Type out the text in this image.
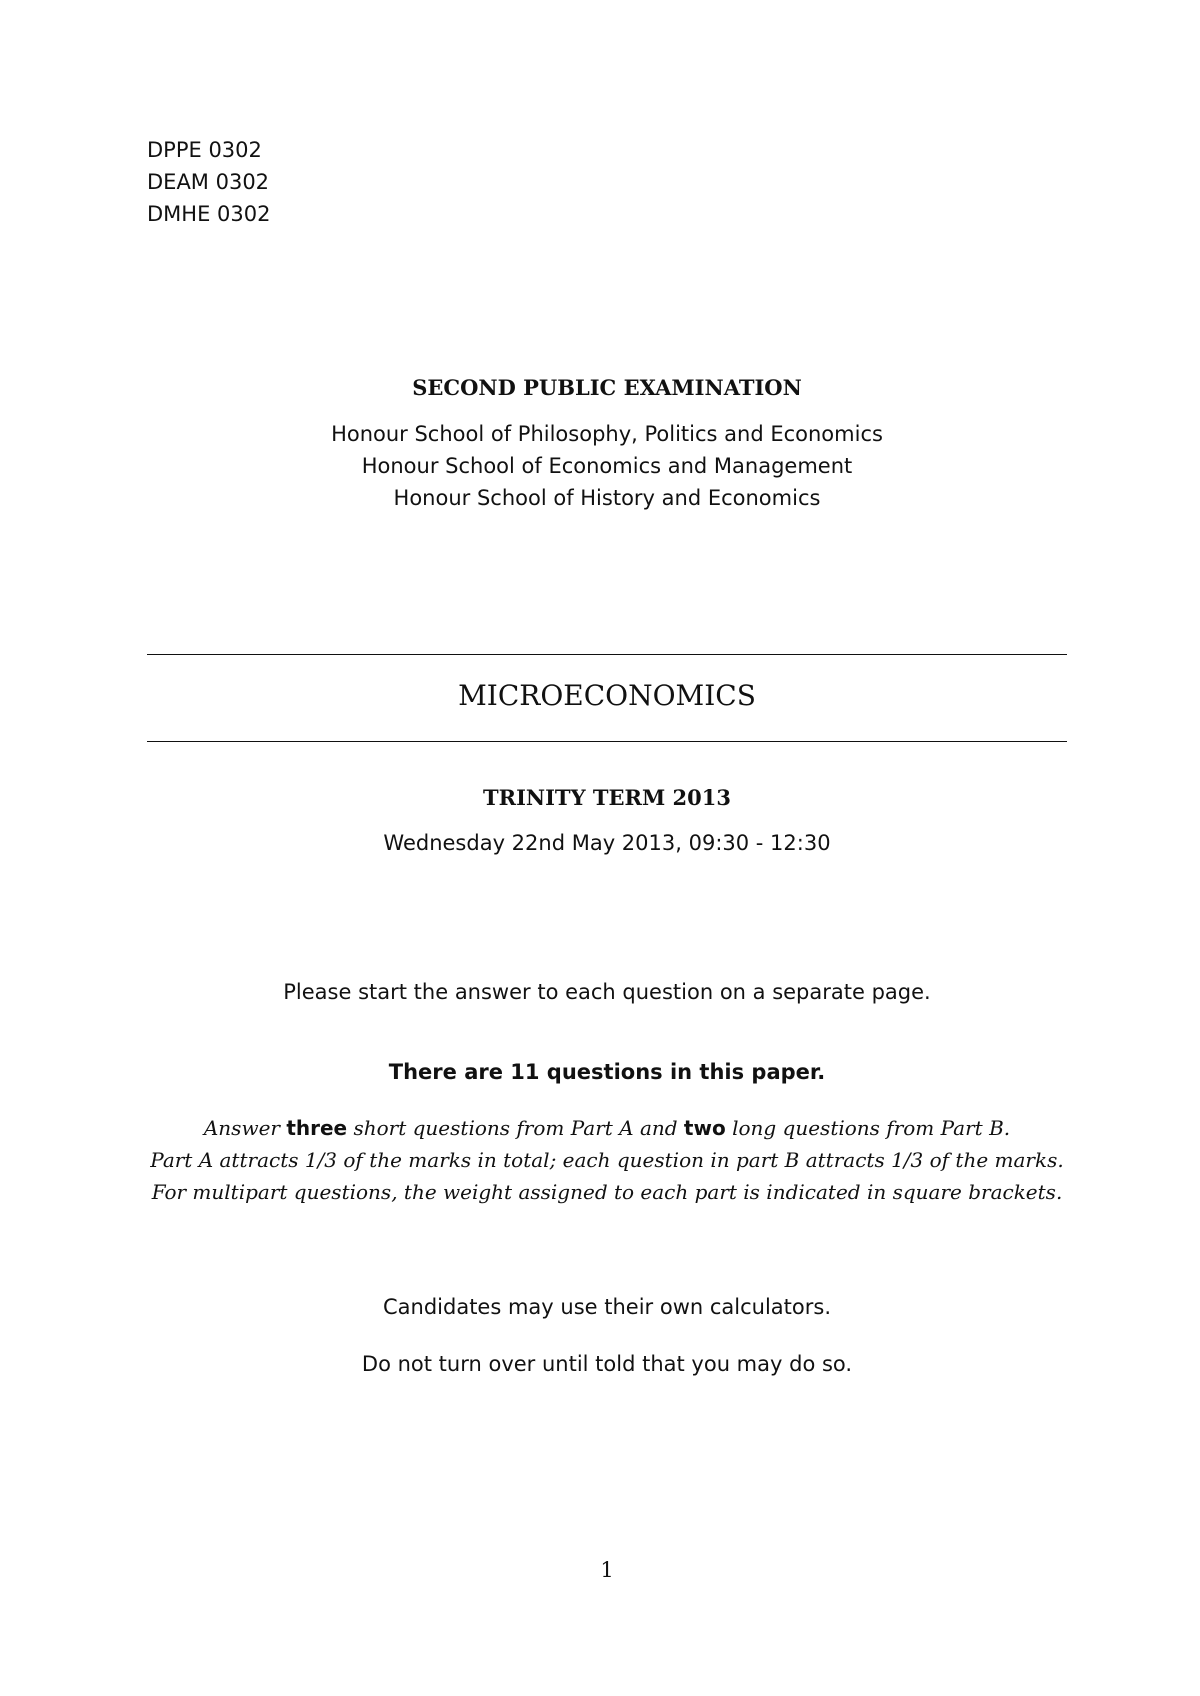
DPPE 0302
DEAM 0302
DMHE 0302
SECOND PUBLIC EXAMINATION
Honour School of Philosophy, Politics and Economics
Honour School of Economics and Management
Honour School of History and Economics
MICROECONOMICS
TRINITY TERM 2013
Wednesday 22nd May 2013, 09:30 - 12:30
Please start the answer to each question on a separate page.
There are 11 questions in this paper.
Answer three short questions from Part A and two long questions from Part B.
Part A attracts 1/3 of the marks in total; each question in part B attracts 1/3 of the marks.
For multipart questions, the weight assigned to each part is indicated in square brackets.
Candidates may use their own calculators.
Do not turn over until told that you may do so.
1
